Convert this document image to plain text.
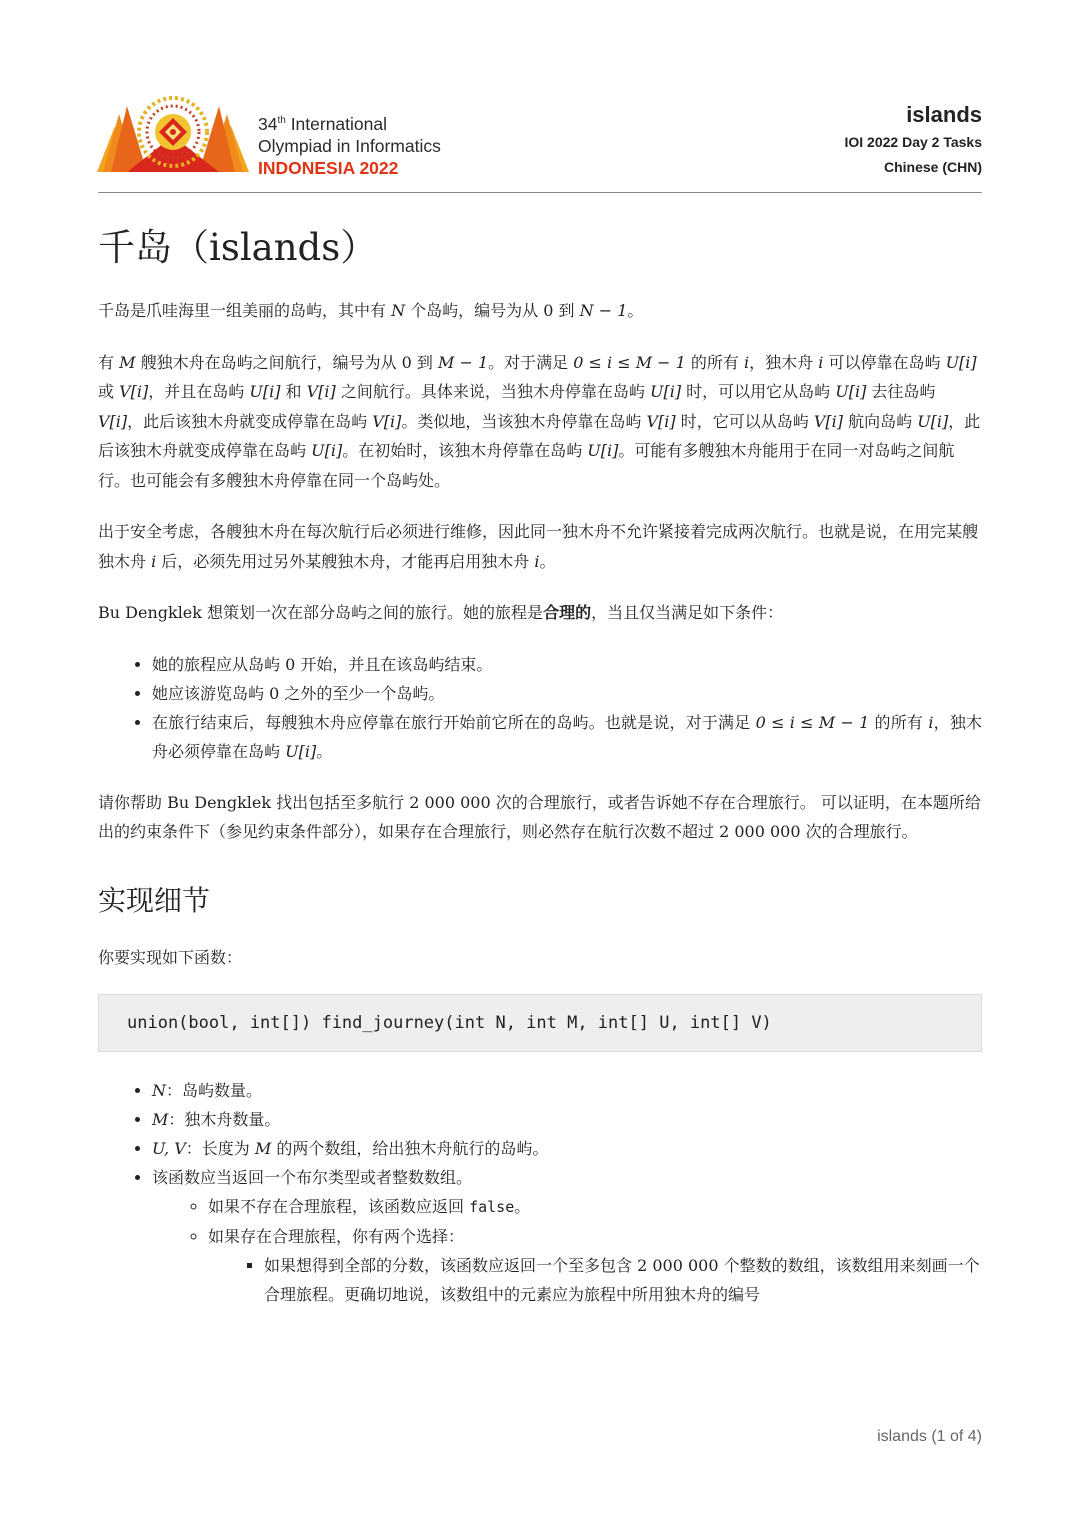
34th International
Olympiad in Informatics
INDONESIA 2022
islands
IOI 2022 Day 2 Tasks
Chinese (CHN)
千岛（islands）

千岛是爪哇海里一组美丽的岛屿，其中有 N 个岛屿，编号为从 0 到 N − 1。

有 M 艘独木舟在岛屿之间航行，编号为从 0 到 M − 1。对于满足 0 ≤ i ≤ M − 1 的所有 i，独木舟 i 可以停靠在岛屿 U[i] 或 V[i]，并且在岛屿 U[i] 和 V[i] 之间航行。具体来说，当独木舟停靠在岛屿 U[i] 时，可以用它从岛屿 U[i] 去往岛屿 V[i]，此后该独木舟就变成停靠在岛屿 V[i]。类似地，当该独木舟停靠在岛屿 V[i] 时，它可以从岛屿 V[i] 航向岛屿 U[i]，此后该独木舟就变成停靠在岛屿 U[i]。在初始时，该独木舟停靠在岛屿 U[i]。可能有多艘独木舟能用于在同一对岛屿之间航行。也可能会有多艘独木舟停靠在同一个岛屿处。

出于安全考虑，各艘独木舟在每次航行后必须进行维修，因此同一独木舟不允许紧接着完成两次航行。也就是说，在用完某艘独木舟 i 后，必须先用过另外某艘独木舟，才能再启用独木舟 i。

Bu Dengklek 想策划一次在部分岛屿之间的旅行。她的旅程是合理的，当且仅当满足如下条件：

• 她的旅程应从岛屿 0 开始，并且在该岛屿结束。
• 她应该游览岛屿 0 之外的至少一个岛屿。
• 在旅行结束后，每艘独木舟应停靠在旅行开始前它所在的岛屿。也就是说，对于满足 0 ≤ i ≤ M − 1 的所有 i，独木舟必须停靠在岛屿 U[i]。

请你帮助 Bu Dengklek 找出包括至多航行 2 000 000 次的合理旅行，或者告诉她不存在合理旅行。 可以证明，在本题所给出的约束条件下（参见约束条件部分），如果存在合理旅行，则必然存在航行次数不超过 2 000 000 次的合理旅行。

实现细节

你要实现如下函数：

union(bool, int[]) find_journey(int N, int M, int[] U, int[] V)
• N：岛屿数量。
• M：独木舟数量。
• U, V：长度为 M 的两个数组，给出独木舟航行的岛屿。
• 该函数应当返回一个布尔类型或者整数数组。
◦ 如果不存在合理旅程，该函数应返回 false。
◦ 如果存在合理旅程，你有两个选择：
▪ 如果想得到全部的分数，该函数应返回一个至多包含 2 000 000 个整数的数组，该数组用来刻画一个合理旅程。更确切地说，该数组中的元素应为旅程中所用独木舟的编号
islands (1 of 4)
